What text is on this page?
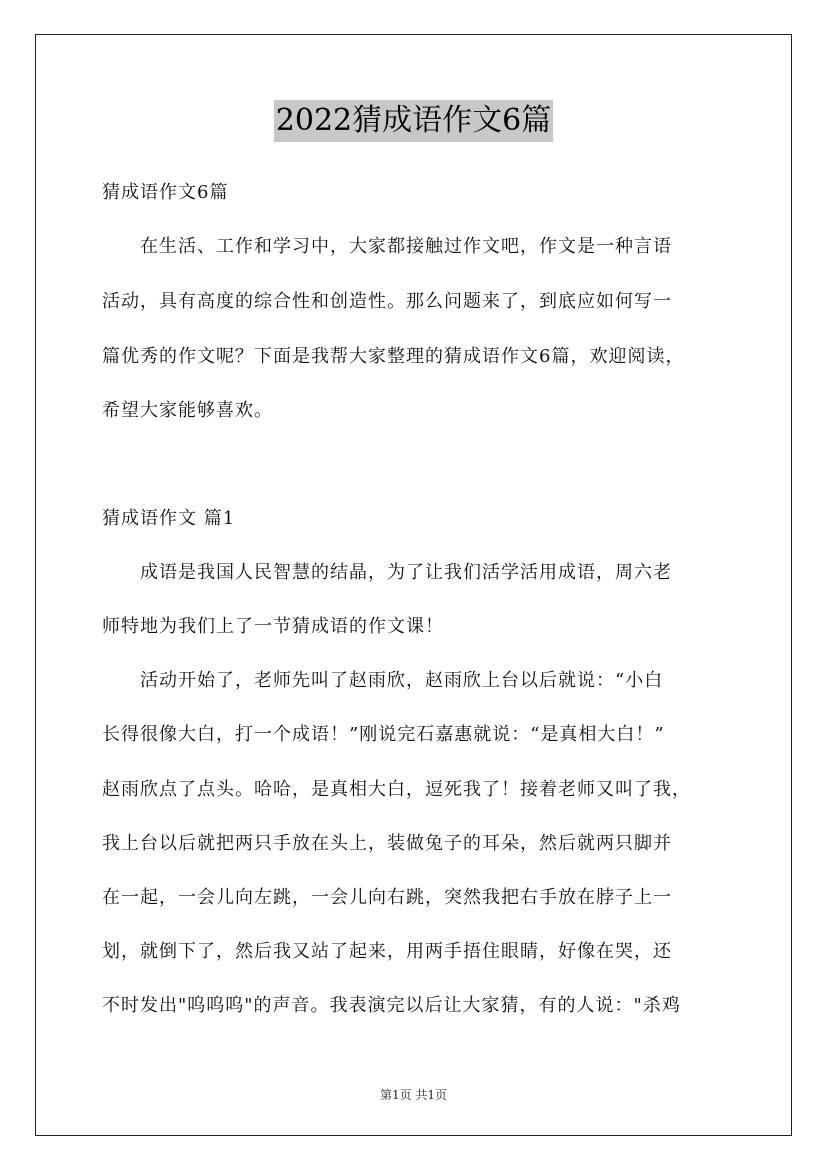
2022猜成语作文6篇
猜成语作文6篇
　　在生活、工作和学习中，大家都接触过作文吧，作文是一种言语
活动，具有高度的综合性和创造性。那么问题来了，到底应如何写一
篇优秀的作文呢？下面是我帮大家整理的猜成语作文6篇，欢迎阅读，
希望大家能够喜欢。
猜成语作文 篇1
　　成语是我国人民智慧的结晶，为了让我们活学活用成语，周六老
师特地为我们上了一节猜成语的作文课！
　　活动开始了，老师先叫了赵雨欣，赵雨欣上台以后就说：“小白
长得很像大白，打一个成语！”刚说完石嘉惠就说：“是真相大白！”
赵雨欣点了点头。哈哈，是真相大白，逗死我了！接着老师又叫了我，
我上台以后就把两只手放在头上，装做兔子的耳朵，然后就两只脚并
在一起，一会儿向左跳，一会儿向右跳，突然我把右手放在脖子上一
划，就倒下了，然后我又站了起来，用两手捂住眼睛，好像在哭，还
不时发出"呜呜呜"的声音。我表演完以后让大家猜，有的人说："杀鸡
第1页 共1页
